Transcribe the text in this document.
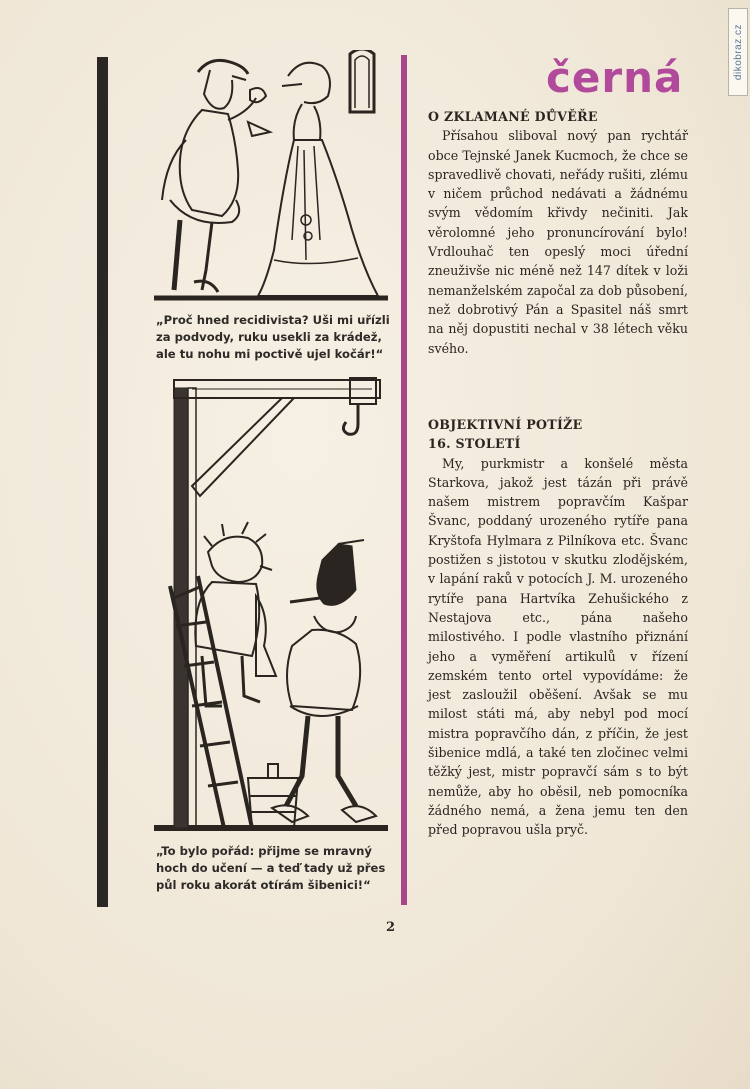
dikobraz.cz
černá
„Proč hned recidivista? Uši mi uřízli za podvody, ruku usekli za krádež, ale tu nohu mi poctivě ujel kočár!“
„To bylo pořád: přijme se mravný hoch do učení — a teď tady už přes půl roku akorát otírám šibenici!“

O ZKLAMANÉ DŮVĚŘE

Přísahou sliboval nový pan rychtář obce Tejnské Janek Kucmoch, že chce se spravedlivě chovati, neřády rušiti, zlému v ničem průchod nedávati a žádnému svým vědomím křivdy nečiniti. Jak věrolomné jeho pronuncírování bylo! Vrdlouhač ten opeslý moci úřední zneuživše nic méně než 147 dítek v loži nemanželském započal za dob působení, než dobrotivý Pán a Spasitel náš smrt na něj dopustiti nechal v 38 létech věku svého.

OBJEKTIVNÍ POTÍŽE

16. STOLETÍ

My, purkmistr a konšelé města Starkova, jakož jest tázán při právě našem mistrem popravčím Kašpar Švanc, poddaný urozeného rytíře pana Kryštofa Hylmara z Pilníkova etc. Švanc postižen s jistotou v skutku zlodějském, v lapání raků v potocích J. M. urozeného rytíře pana Hartvíka Zehušického z Nestajova etc., pána našeho milostivého. I podle vlastního přiznání jeho a vyměření artikulů v řízení zemském tento ortel vypovídáme: že jest zasloužil oběšení. Avšak se mu milost státi má, aby nebyl pod mocí mistra popravčího dán, z příčin, že jest šibenice mdlá, a také ten zločinec velmi těžký jest, mistr popravčí sám s to být nemůže, aby ho oběsil, neb pomocníka žádného nemá, a žena jemu ten den před popravou ušla pryč.

2
